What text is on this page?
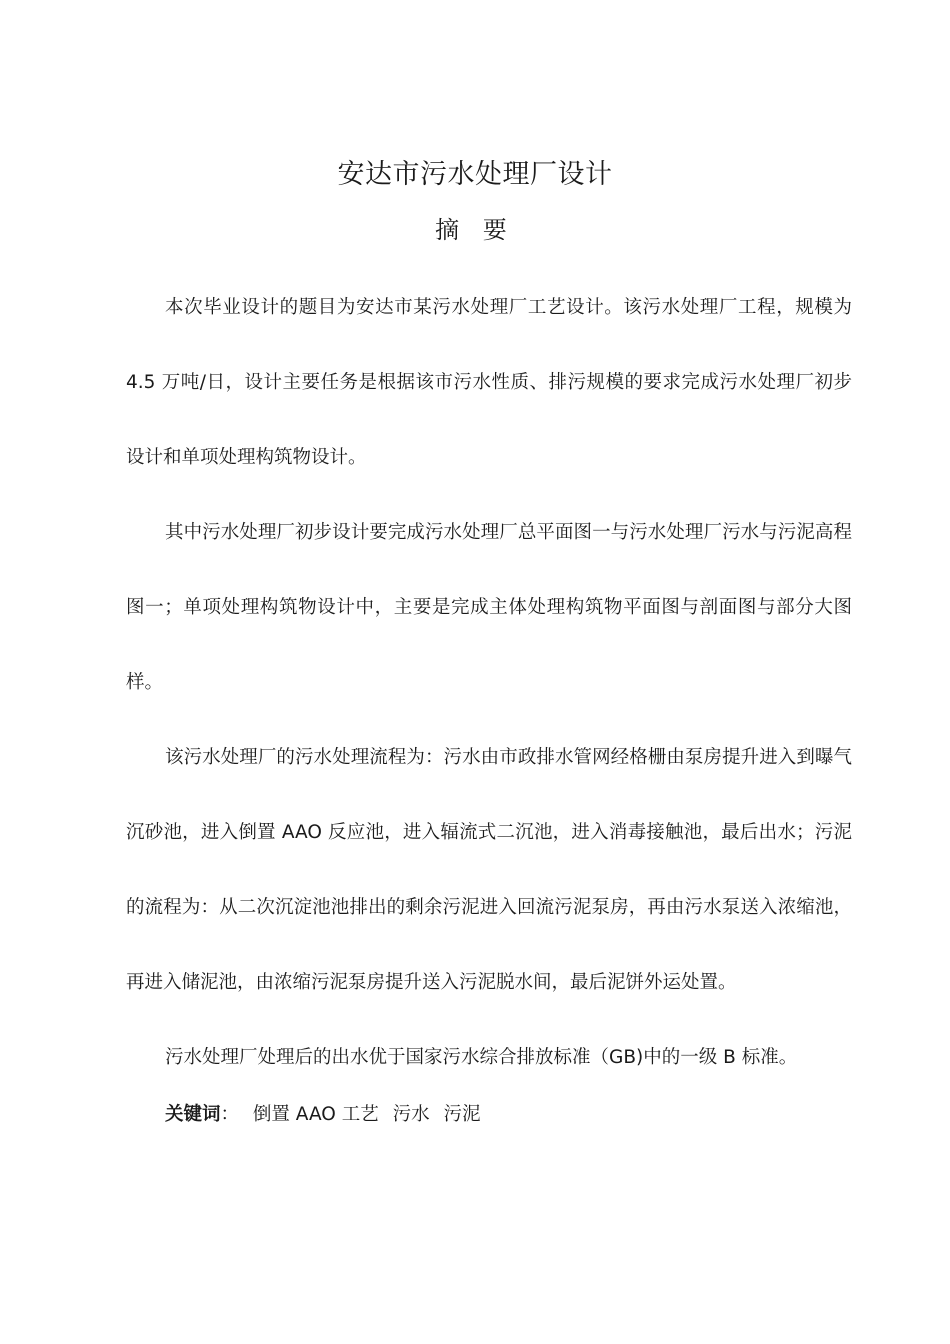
安达市污水处理厂设计
摘 要

本次毕业设计的题目为安达市某污水处理厂工艺设计。该污水处理厂工程，规模为 4.5 万吨/日，设计主要任务是根据该市污水性质、排污规模的要求完成污水处理厂初步设计和单项处理构筑物设计。

其中污水处理厂初步设计要完成污水处理厂总平面图一与污水处理厂污水与污泥高程图一；单项处理构筑物设计中，主要是完成主体处理构筑物平面图与剖面图与部分大图样。

该污水处理厂的污水处理流程为：污水由市政排水管网经格栅由泵房提升进入到曝气沉砂池，进入倒置 AAO 反应池，进入辐流式二沉池，进入消毒接触池，最后出水；污泥的流程为：从二次沉淀池池排出的剩余污泥进入回流污泥泵房，再由污水泵送入浓缩池，再进入储泥池，由浓缩污泥泵房提升送入污泥脱水间，最后泥饼外运处置。

污水处理厂处理后的出水优于国家污水综合排放标准（GB)中的一级 B 标准。

关键词： 倒置 AAO 工艺 污水 污泥
